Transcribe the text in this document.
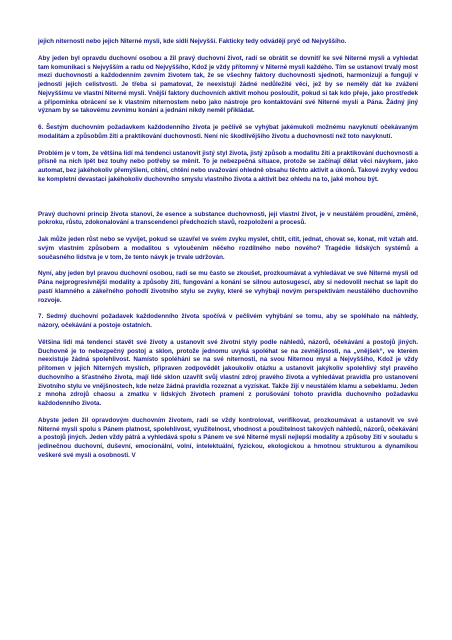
jejich niternosti nebo jejich Niterné mysli, kde sídlí Nejvyšší. Fakticky tedy odvádějí pryč od Nejvyššího.

Aby jeden byl opravdu duchovní osobou a žil pravý duchovní život, radí se obrátit se dovnitř ke své Niterné mysli a vyhledat tam komunikaci s Nejvyšším a radu od Nejvyššího, Kdož je vždy přítomný v Niterné mysli každého. Tím se ustanoví trvalý most mezi duchovností a každodenním zevním životem tak, že se všechny faktory duchovnosti sjednotí, harmonizují a fungují v jednosti jejich celistvosti. Je třeba si pamatovat, že neexistují žádné nedůležité věci, jež by se neměly dát ke zvážení Nejvyššímu ve vlastní Niterné mysli. Vnější faktory duchovních aktivit mohou posloužit, pokud si tak kdo přeje, jako prostředek a připomínka obrácení se k vlastním niternostem nebo jako nástroje pro kontaktování své Niterné mysli a Pána. Žádný jiný význam by se takovému zevnímu konání a jednání nikdy neměl přikládat.

6. Šestým duchovním požadavkem každodenního života je pečlivě se vyhýbat jakémukoli možnému navyknutí očekávaným modalitám a způsobům žití a praktikování duchovnosti. Není nic škodlivějšího životu a duchovnosti než toto navyknutí.

Problém je v tom, že většina lidí má tendenci ustanovit jistý styl života, jistý způsob a modalitu žití a praktikování duchovnosti a přísně na nich lpět bez touhy nebo potřeby se měnit. To je nebezpečná situace, protože se začínají dělat věci návykem, jako automat, bez jakéhokoliv přemýšlení, cítění, chtění nebo uvažování ohledně obsahu těchto aktivit a úkonů. Takové zvyky vedou ke kompletní devastaci jakéhokoliv duchovního smyslu vlastního života a aktivit bez ohledu na to, jaké mohou být.

Pravý duchovní princip života stanoví, že esence a substance duchovnosti, její vlastní život, je v neustálém proudění, změně, pokroku, růstu, zdokonalování a transcendenci předchozích stavů, rozpoložení a procesů.

Jak může jeden růst nebo se vyvíjet, pokud se uzavřel ve svém zvyku myslet, chtít, cítit, jednat, chovat se, konat, mít vztah atd. svým vlastním způsobem a modalitou s vyloučením něčeho rozdílného nebo nového? Tragédie lidských systémů a současného lidstva je v tom, že tento návyk je trvale udržován.

Nyní, aby jeden byl pravou duchovní osobou, radí se mu často se zkoušet, prozkoumávat a vyhledávat ve své Niterné mysli od Pána nejprogresivnější modality a způsoby žití, fungování a konání se silnou autosugescí, aby si nedovolil nechat se lapit do pastí klamného a zákeřného pohodlí životního stylu se zvyky, které se vyhýbají novým perspektivám neustálého duchovního rozvoje.

7. Sedmý duchovní požadavek každodenního života spočívá v pečlivém vyhýbání se tomu, aby se spoléhalo na náhledy, názory, očekávání a postoje ostatních.

Většina lidí má tendenci stavět své životy a ustanovit své životní styly podle náhledů, názorů, očekávání a postojů jiných. Duchovně je to nebezpečný postoj a sklon, protože jednomu uvyká spoléhat se na zevnějšnosti, na „vnějšek“, ve kterém neexistuje žádná spolehlivost. Namísto spoléhání se na své niternosti, na svou Niternou mysl a Nejvyššího, Kdož je vždy přítomen v jejich Niterných myslích, připraven zodpovědět jakoukoliv otázku a ustanovit jakýkoliv spolehlivý styl pravého duchovního a šťastného života, mají lidé sklon uzavřít svůj vlastní zdroj pravého života a vyhledávat pravidla pro ustanovení životního stylu ve vnějšnostech, kde nelze žádná pravidla rozeznat a vyzískat. Takže žijí v neustálém klamu a sebeklamu. Jeden z mnoha zdrojů chaosu a zmatku v lidských životech pramení z porušování tohoto pravidla duchovního požadavku každodenního života.

Abyste jeden žil opravdovým duchovním životem, radí se vždy kontrolovat, verifikovat, prozkoumávat a ustanovit ve své Niterné mysli spolu s Pánem platnost, spolehlivost, využitelnost, vhodnost a použitelnost takových náhledů, názorů, očekávání a postojů jiných. Jeden vždy pátrá a vyhledává spolu s Pánem ve své Niterné mysli nejlepší modality a způsoby žití v souladu s jedinečnou duchovní, duševní, emocionální, volní, intelektuální, fyzickou, ekologickou a hmotnou strukturou a dynamikou veškeré své mysli a osobnosti. V
